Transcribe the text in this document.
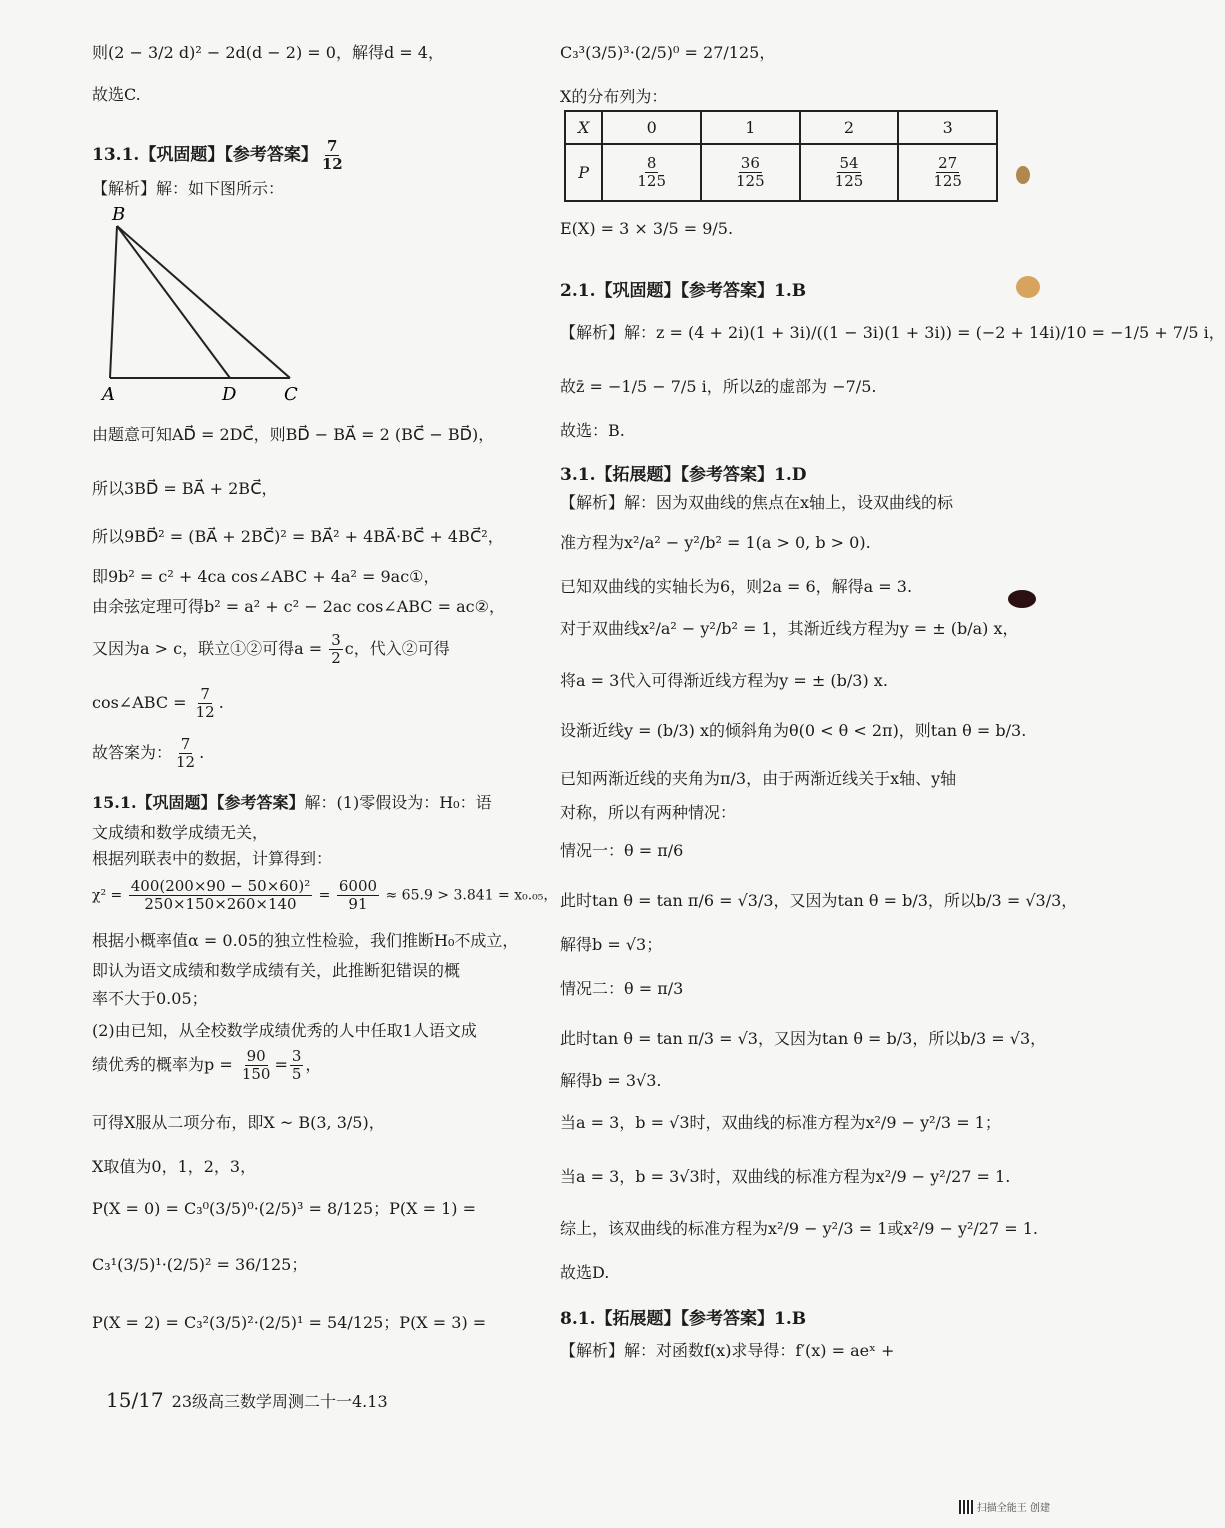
则(2 − 3/2 d)² − 2d(d − 2) = 0，解得d = 4，

故选C.

13.1.【巩固题】【参考答案】 $\frac{7}{12}$

【解析】解：如下图所示：

B
A	D	C

由题意可知AD⃗ = 2DC⃗，则BD⃗ − BA⃗ = 2 (BC⃗ − BD⃗)，

所以3BD⃗ = BA⃗ + 2BC⃗，

所以9BD⃗² = (BA⃗ + 2BC⃗)² = BA⃗² + 4BA⃗·BC⃗ + 4BC⃗²，

即9b² = c² + 4ca cos∠ABC + 4a² = 9ac①，

由余弦定理可得b² = a² + c² − 2ac cos∠ABC = ac②，

又因为a > c，联立①②可得$a = \frac{3}{2}$ c，代入②可得

cos∠ABC = $\frac{7}{12}$ .

故答案为： $\frac{7}{12}$ .

15.1.【巩固题】【参考答案】解：(1)零假设为：H₀：语

文成绩和数学成绩无关，

根据列联表中的数据，计算得到：

$\chi^2 = \frac{\text{400(200×90 − 50×60)²}}{250\times 150\times 260\times 140} = \frac{6000}{91} \approx 65.9 > 3.841 = x_0._{05}$，

根据小概率值α = 0.05的独立性检验，我们推断H₀不成立，

即认为语文成绩和数学成绩有关，此推断犯错误的概

率不大于0.05；

(2)由已知，从全校数学成绩优秀的人中任取1人语文成

绩优秀的概率为$p = \frac{90}{150} = \frac{3}{5}$ ，

可得X服从二项分布，即X ~ B(3, 3/5)，

X取值为0，1，2，3，

P(X = 0) = C₃⁰(3/5)⁰·(2/5)³ = 8/125；P(X = 1) =

C₃¹(3/5)¹·(2/5)² = 36/125；

P(X = 2) = C₃²(3/5)²·(2/5)¹ = 54/125；P(X = 3) =

C₃³(3/5)³·(2/5)⁰ = 27/125，

X的分布列为：

X	0	1	2	3
P	$\frac{8}{125}$	$\frac{36}{125}$	$\frac{54}{125}$	$\frac{27}{125}$

E(X) = 3 × 3/5 = 9/5.

2.1.【巩固题】【参考答案】1.B

【解析】解：z = (4 + 2i)(1 + 3i)/((1 − 3i)(1 + 3i)) = (−2 + 14i)/10 = −1/5 + 7/5 i，

故z̄ = −1/5 − 7/5 i，所以z̄的虚部为 −7/5.

故选：B.

3.1.【拓展题】【参考答案】1.D

【解析】解：因为双曲线的焦点在x轴上，设双曲线的标

准方程为x²/a² − y²/b² = 1(a > 0, b > 0).

已知双曲线的实轴长为6，则2a = 6，解得a = 3.

对于双曲线x²/a² − y²/b² = 1，其渐近线方程为y = ± (b/a) x，

将a = 3代入可得渐近线方程为y = ± (b/3) x.

设渐近线y = (b/3) x的倾斜角为θ(0 < θ < 2π)，则tan θ = b/3.

已知两渐近线的夹角为π/3，由于两渐近线关于x轴、y轴

对称，所以有两种情况：

情况一：θ = π/6

此时tan θ = tan π/6 = √3/3，又因为tan θ = b/3，所以b/3 = √3/3，

解得b = √3；

情况二：θ = π/3

此时tan θ = tan π/3 = √3，又因为tan θ = b/3，所以b/3 = √3，

解得b = 3√3.

当a = 3，b = √3时，双曲线的标准方程为x²/9 − y²/3 = 1；

当a = 3，b = 3√3时，双曲线的标准方程为x²/9 − y²/27 = 1.

综上，该双曲线的标准方程为x²/9 − y²/3 = 1或x²/9 − y²/27 = 1.

故选D.

8.1.【拓展题】【参考答案】1.B

【解析】解：对函数f(x)求导得：f′(x) = aeˣ +

15/17 23级高三数学周测二十一4.13
扫描全能王 创建
